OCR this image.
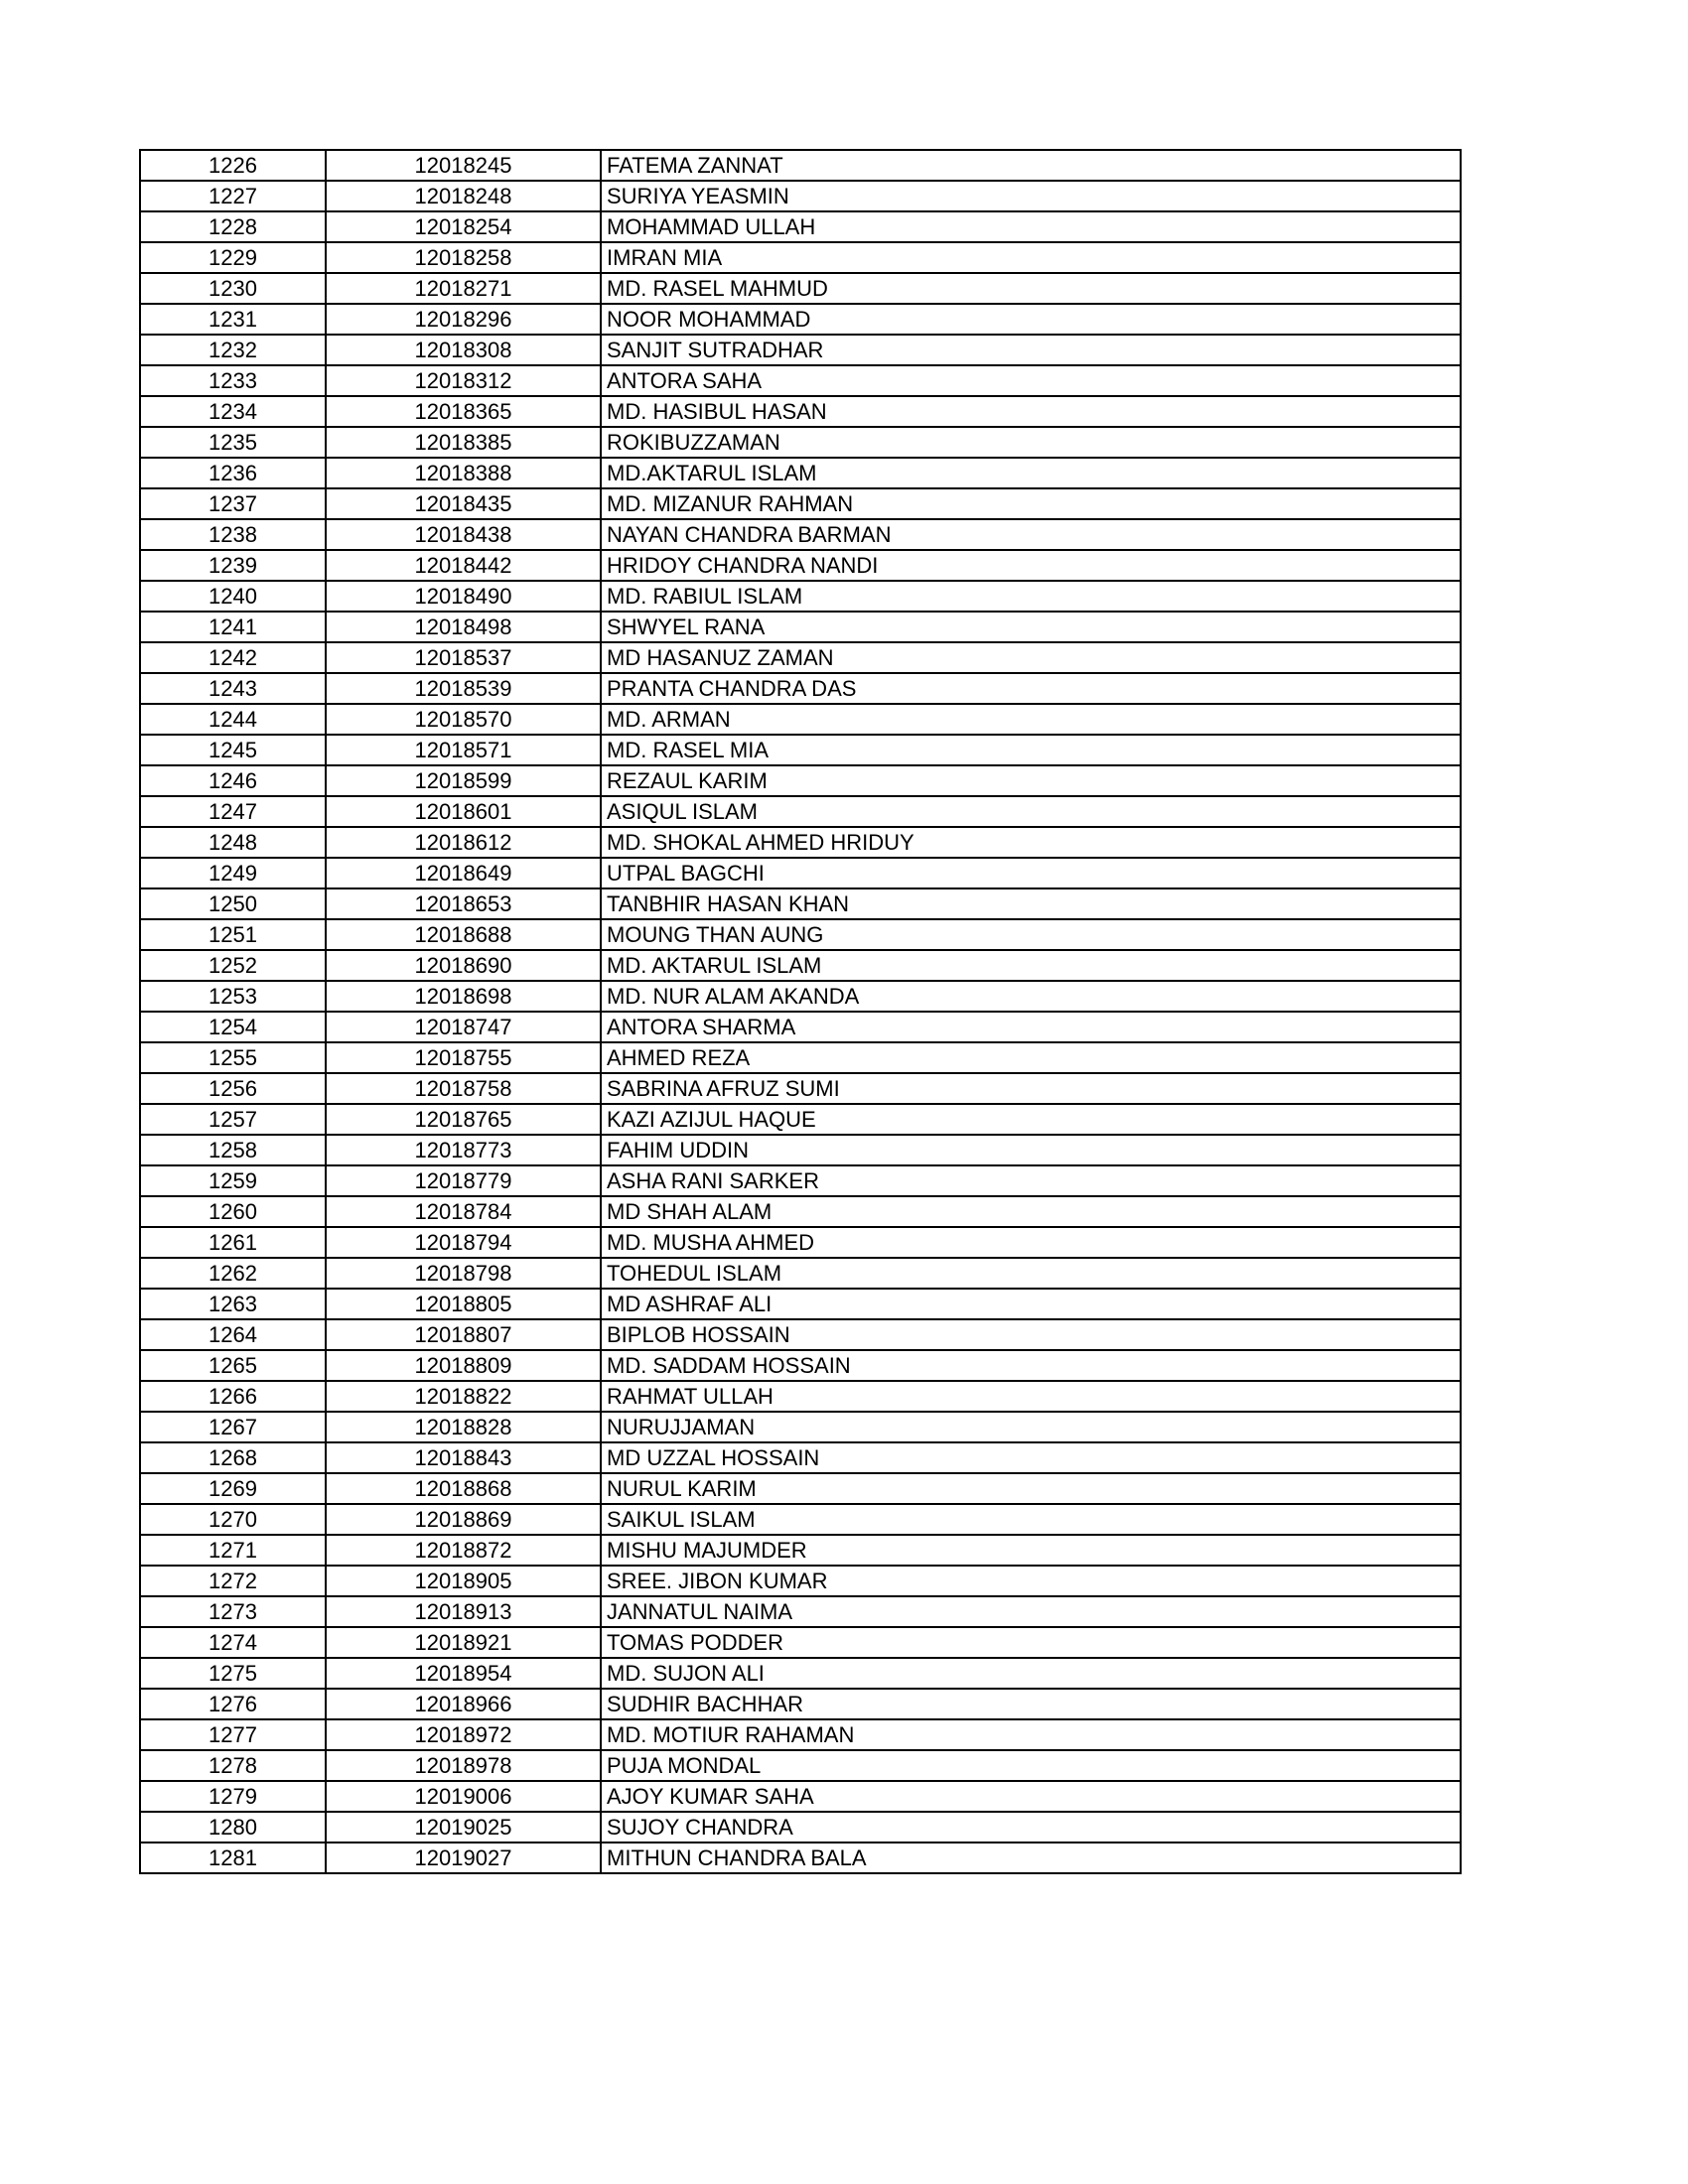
1226	12018245	FATEMA ZANNAT
1227	12018248	SURIYA YEASMIN
1228	12018254	MOHAMMAD ULLAH
1229	12018258	IMRAN MIA
1230	12018271	MD. RASEL MAHMUD
1231	12018296	NOOR MOHAMMAD
1232	12018308	SANJIT SUTRADHAR
1233	12018312	ANTORA SAHA
1234	12018365	MD. HASIBUL HASAN
1235	12018385	ROKIBUZZAMAN
1236	12018388	MD.AKTARUL ISLAM
1237	12018435	MD. MIZANUR RAHMAN
1238	12018438	NAYAN CHANDRA BARMAN
1239	12018442	HRIDOY CHANDRA NANDI
1240	12018490	MD. RABIUL ISLAM
1241	12018498	SHWYEL RANA
1242	12018537	MD HASANUZ ZAMAN
1243	12018539	PRANTA CHANDRA DAS
1244	12018570	MD. ARMAN
1245	12018571	MD. RASEL MIA
1246	12018599	REZAUL KARIM
1247	12018601	ASIQUL ISLAM
1248	12018612	MD. SHOKAL AHMED HRIDUY
1249	12018649	UTPAL BAGCHI
1250	12018653	TANBHIR HASAN KHAN
1251	12018688	MOUNG THAN AUNG
1252	12018690	MD. AKTARUL ISLAM
1253	12018698	MD. NUR ALAM AKANDA
1254	12018747	ANTORA SHARMA
1255	12018755	AHMED REZA
1256	12018758	SABRINA AFRUZ SUMI
1257	12018765	KAZI AZIJUL HAQUE
1258	12018773	FAHIM UDDIN
1259	12018779	ASHA RANI SARKER
1260	12018784	MD SHAH ALAM
1261	12018794	MD. MUSHA AHMED
1262	12018798	TOHEDUL ISLAM
1263	12018805	MD ASHRAF ALI
1264	12018807	BIPLOB HOSSAIN
1265	12018809	MD. SADDAM HOSSAIN
1266	12018822	RAHMAT ULLAH
1267	12018828	NURUJJAMAN
1268	12018843	MD UZZAL HOSSAIN
1269	12018868	NURUL KARIM
1270	12018869	SAIKUL ISLAM
1271	12018872	MISHU MAJUMDER
1272	12018905	SREE. JIBON KUMAR
1273	12018913	JANNATUL NAIMA
1274	12018921	TOMAS PODDER
1275	12018954	MD. SUJON ALI
1276	12018966	SUDHIR BACHHAR
1277	12018972	MD. MOTIUR RAHAMAN
1278	12018978	PUJA MONDAL
1279	12019006	AJOY KUMAR SAHA
1280	12019025	SUJOY CHANDRA
1281	12019027	MITHUN CHANDRA BALA
